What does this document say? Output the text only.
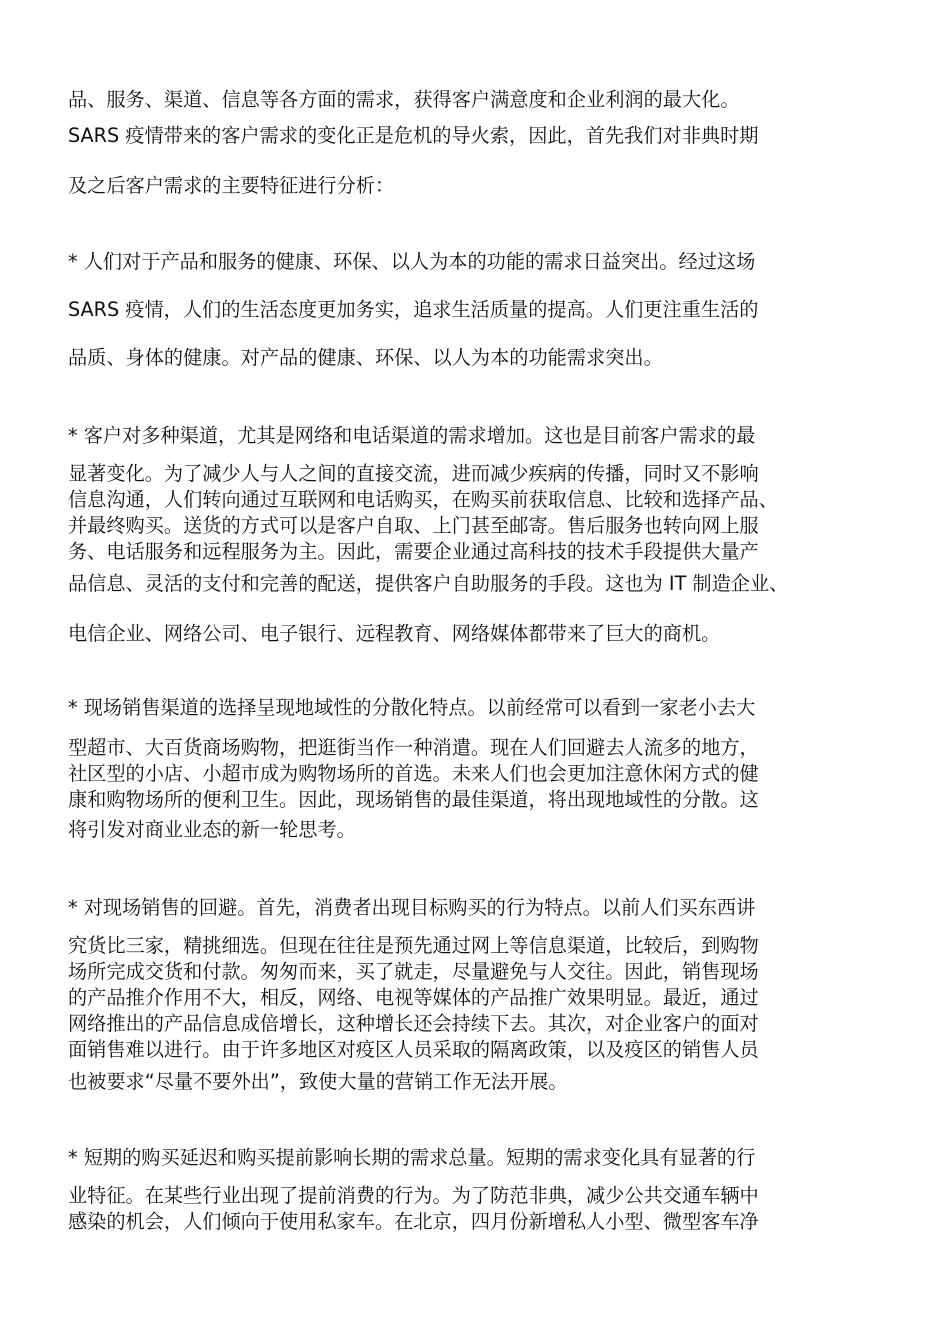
品、服务、渠道、信息等各方面的需求，获得客户满意度和企业利润的最大化。

SARS 疫情带来的客户需求的变化正是危机的导火索，因此，首先我们对非典时期

及之后客户需求的主要特征进行分析：

* 人们对于产品和服务的健康、环保、以人为本的功能的需求日益突出。经过这场

SARS 疫情，人们的生活态度更加务实，追求生活质量的提高。人们更注重生活的

品质、身体的健康。对产品的健康、环保、以人为本的功能需求突出。

* 客户对多种渠道，尤其是网络和电话渠道的需求增加。这也是目前客户需求的最

显著变化。为了减少人与人之间的直接交流，进而减少疾病的传播，同时又不影响

信息沟通，人们转向通过互联网和电话购买，在购买前获取信息、比较和选择产品、

并最终购买。送货的方式可以是客户自取、上门甚至邮寄。售后服务也转向网上服

务、电话服务和远程服务为主。因此，需要企业通过高科技的技术手段提供大量产

品信息、灵活的支付和完善的配送，提供客户自助服务的手段。这也为 IT 制造企业、

电信企业、网络公司、电子银行、远程教育、网络媒体都带来了巨大的商机。

* 现场销售渠道的选择呈现地域性的分散化特点。以前经常可以看到一家老小去大

型超市、大百货商场购物，把逛街当作一种消遣。现在人们回避去人流多的地方，

社区型的小店、小超市成为购物场所的首选。未来人们也会更加注意休闲方式的健

康和购物场所的便利卫生。因此，现场销售的最佳渠道，将出现地域性的分散。这

将引发对商业业态的新一轮思考。

* 对现场销售的回避。首先，消费者出现目标购买的行为特点。以前人们买东西讲

究货比三家，精挑细选。但现在往往是预先通过网上等信息渠道，比较后，到购物

场所完成交货和付款。匆匆而来，买了就走，尽量避免与人交往。因此，销售现场

的产品推介作用不大，相反，网络、电视等媒体的产品推广效果明显。最近，通过

网络推出的产品信息成倍增长，这种增长还会持续下去。其次，对企业客户的面对

面销售难以进行。由于许多地区对疫区人员采取的隔离政策，以及疫区的销售人员

也被要求“尽量不要外出”，致使大量的营销工作无法开展。

* 短期的购买延迟和购买提前影响长期的需求总量。短期的需求变化具有显著的行

业特征。在某些行业出现了提前消费的行为。为了防范非典，减少公共交通车辆中

感染的机会，人们倾向于使用私家车。在北京，四月份新增私人小型、微型客车净
